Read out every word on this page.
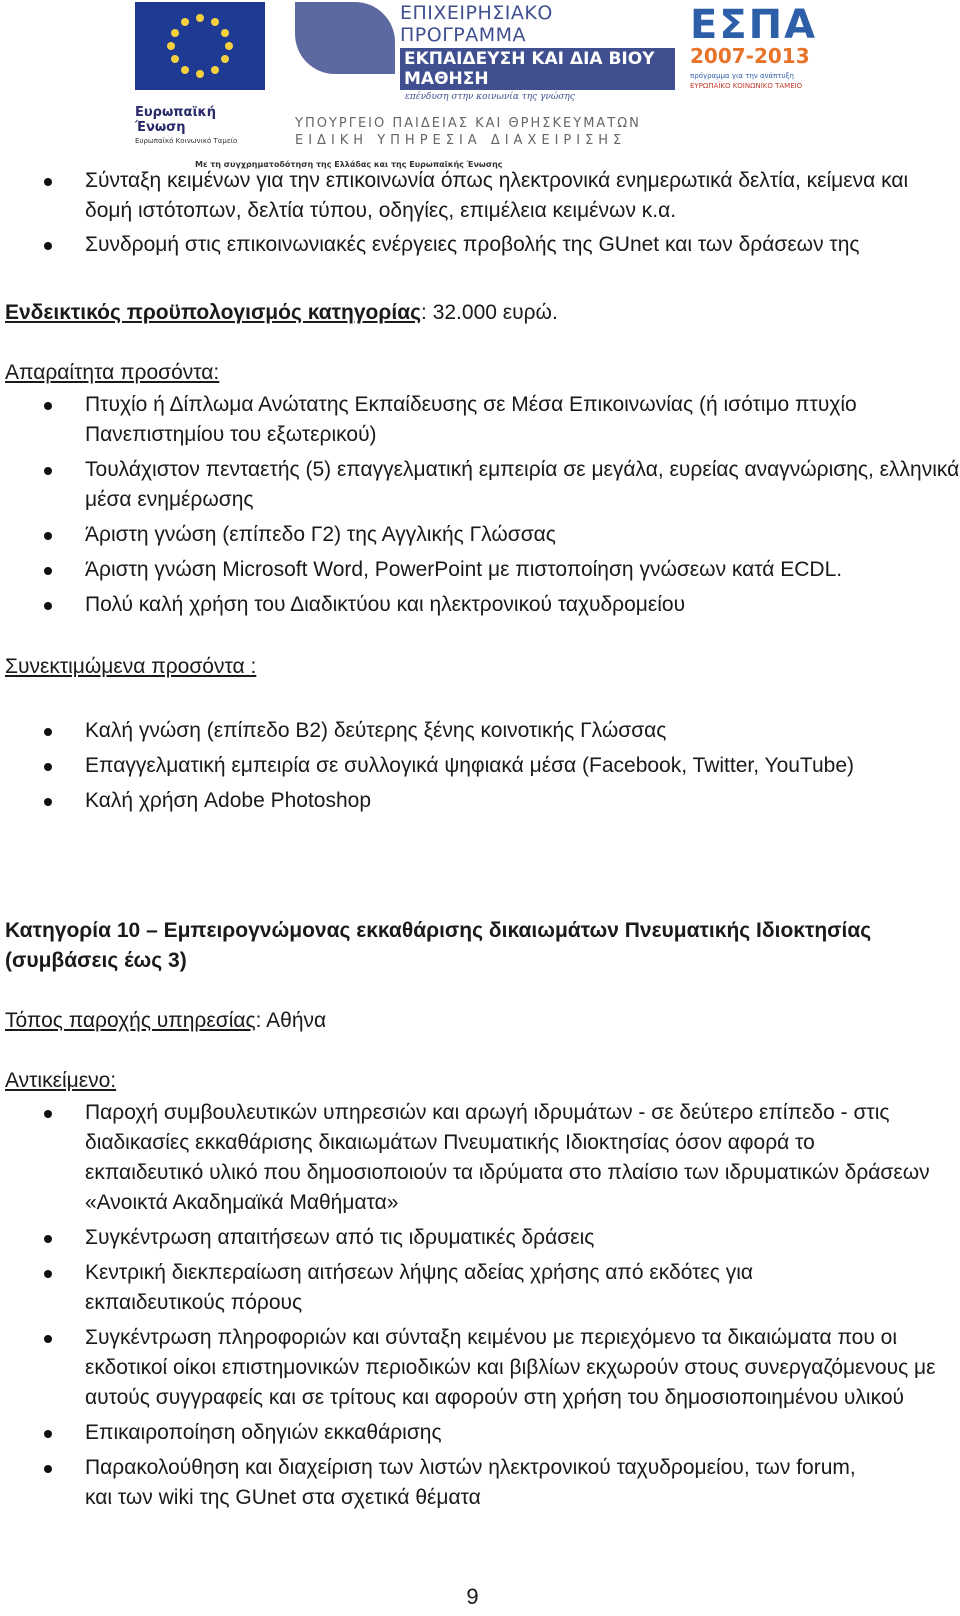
Ευρωπαϊκή Ένωση
Ευρωπαϊκό Κοινωνικό Ταμείο
ΕΠΙΧΕΙΡΗΣΙΑΚΟ ΠΡΟΓΡΑΜΜΑ
ΕΚΠΑΙΔΕΥΣΗ ΚΑΙ ΔΙΑ ΒΙΟΥ ΜΑΘΗΣΗ
επένδυση στην κοινωνία της γνώσης
ΥΠΟΥΡΓΕΙΟ ΠΑΙΔΕΙΑΣ ΚΑΙ ΘΡΗΣΚΕΥΜΑΤΩΝ
ΕΙΔΙΚΗ ΥΠΗΡΕΣΙΑ ΔΙΑΧΕΙΡΙΣΗΣ
Με τη συγχρηματοδότηση της Ελλάδας και της Ευρωπαϊκής Ένωσης
ΕΣΠΑ
2007-2013
πρόγραμμα για την ανάπτυξη
ΕΥΡΩΠΑΪΚΟ ΚΟΙΝΩΝΙΚΟ ΤΑΜΕΙΟ
Σύνταξη κειμένων για την επικοινωνία όπως ηλεκτρονικά ενημερωτικά δελτία, κείμενα και δομή ιστότοπων, δελτία τύπου, οδηγίες, επιμέλεια κειμένων κ.α.
Συνδρομή στις επικοινωνιακές ενέργειες προβολής της GUnet και των δράσεων της
Ενδεικτικός προϋπολογισμός κατηγορίας: 32.000 ευρώ.
Απαραίτητα προσόντα:
Πτυχίο ή Δίπλωμα Ανώτατης Εκπαίδευσης σε Μέσα Επικοινωνίας (ή ισότιμο πτυχίο Πανεπιστημίου του εξωτερικού)
Τουλάχιστον πενταετής (5) επαγγελματική εμπειρία σε μεγάλα, ευρείας αναγνώρισης, ελληνικά μέσα ενημέρωσης
Άριστη γνώση (επίπεδο Γ2) της Αγγλικής Γλώσσας
Άριστη γνώση Microsoft Word, PowerPoint με πιστοποίηση γνώσεων κατά ECDL.
Πολύ καλή χρήση του Διαδικτύου και ηλεκτρονικού ταχυδρομείου
Συνεκτιμώμενα προσόντα :
Καλή γνώση (επίπεδο Β2) δεύτερης ξένης κοινοτικής Γλώσσας
Επαγγελματική εμπειρία σε συλλογικά ψηφιακά μέσα (Facebook, Twitter, YouTube)
Καλή χρήση Adobe Photoshop
Κατηγορία 10 – Εμπειρογνώμονας εκκαθάρισης δικαιωμάτων Πνευματικής Ιδιοκτησίας
(συμβάσεις έως 3)
Τόπος παροχής υπηρεσίας: Αθήνα
Αντικείμενο:
Παροχή συμβουλευτικών υπηρεσιών και αρωγή ιδρυμάτων - σε δεύτερο επίπεδο - στις διαδικασίες εκκαθάρισης δικαιωμάτων Πνευματικής Ιδιοκτησίας όσον αφορά το εκπαιδευτικό υλικό που δημοσιοποιούν τα ιδρύματα στο πλαίσιο των ιδρυματικών δράσεων «Ανοικτά Ακαδημαϊκά Μαθήματα»
Συγκέντρωση απαιτήσεων από τις ιδρυματικές δράσεις
Κεντρική διεκπεραίωση αιτήσεων λήψης αδείας χρήσης από εκδότες για εκπαιδευτικούς πόρους
Συγκέντρωση πληροφοριών και σύνταξη κειμένου με περιεχόμενο τα δικαιώματα που οι εκδοτικοί οίκοι επιστημονικών περιοδικών και βιβλίων εκχωρούν στους συνεργαζόμενους με αυτούς συγγραφείς και σε τρίτους και αφορούν στη χρήση του δημοσιοποιημένου υλικού
Επικαιροποίηση οδηγιών εκκαθάρισης
Παρακολούθηση και διαχείριση των λιστών ηλεκτρονικού ταχυδρομείου, των forum, και των wiki της GUnet στα σχετικά θέματα
9
